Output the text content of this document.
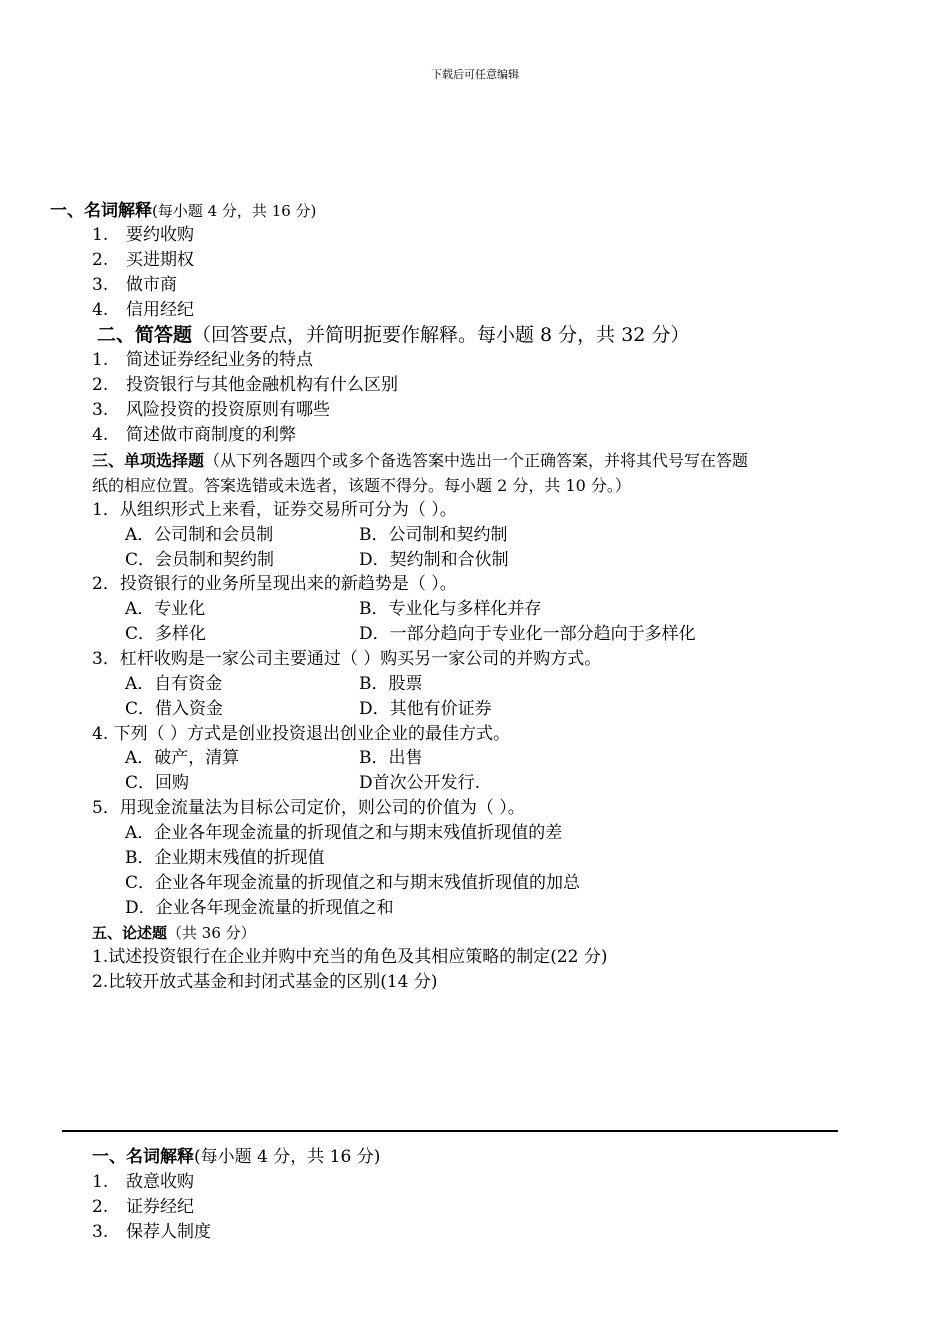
下载后可任意编辑
一、名词解释(每小题 4 分，共 16 分)
1. 要约收购
2. 买进期权
3. 做市商
4. 信用经纪
二、简答题（回答要点，并简明扼要作解释。每小题 8 分，共 32 分）
1. 简述证券经纪业务的特点
2. 投资银行与其他金融机构有什么区别
3. 风险投资的投资原则有哪些
4. 简述做市商制度的利弊
三、单项选择题（从下列各题四个或多个备选答案中选出一个正确答案，并将其代号写在答题
纸的相应位置。答案选错或未选者，该题不得分。每小题 2 分，共 10 分。）
1．从组织形式上来看，证券交易所可分为（ ）。
A．公司制和会员制	B．公司制和契约制
C．会员制和契约制	D．契约制和合伙制
2．投资银行的业务所呈现出来的新趋势是（ ）。
A．专业化	B．专业化与多样化并存
C．多样化	D．一部分趋向于专业化一部分趋向于多样化
3．杠杆收购是一家公司主要通过（ ）购买另一家公司的并购方式。
A．自有资金	B．股票
C．借入资金	D．其他有价证券
4. 下列（ ）方式是创业投资退出创业企业的最佳方式。
A．破产，清算	B．出售
C．回购	D首次公开发行.
5．用现金流量法为目标公司定价，则公司的价值为（ ）。
A．企业各年现金流量的折现值之和与期末残值折现值的差
B．企业期末残值的折现值
C．企业各年现金流量的折现值之和与期末残值折现值的加总
D．企业各年现金流量的折现值之和
五、论述题（共 36 分）
1.试述投资银行在企业并购中充当的角色及其相应策略的制定(22 分)
2.比较开放式基金和封闭式基金的区别(14 分)
一、名词解释(每小题 4 分，共 16 分)
1. 敌意收购
2. 证券经纪
3. 保荐人制度
